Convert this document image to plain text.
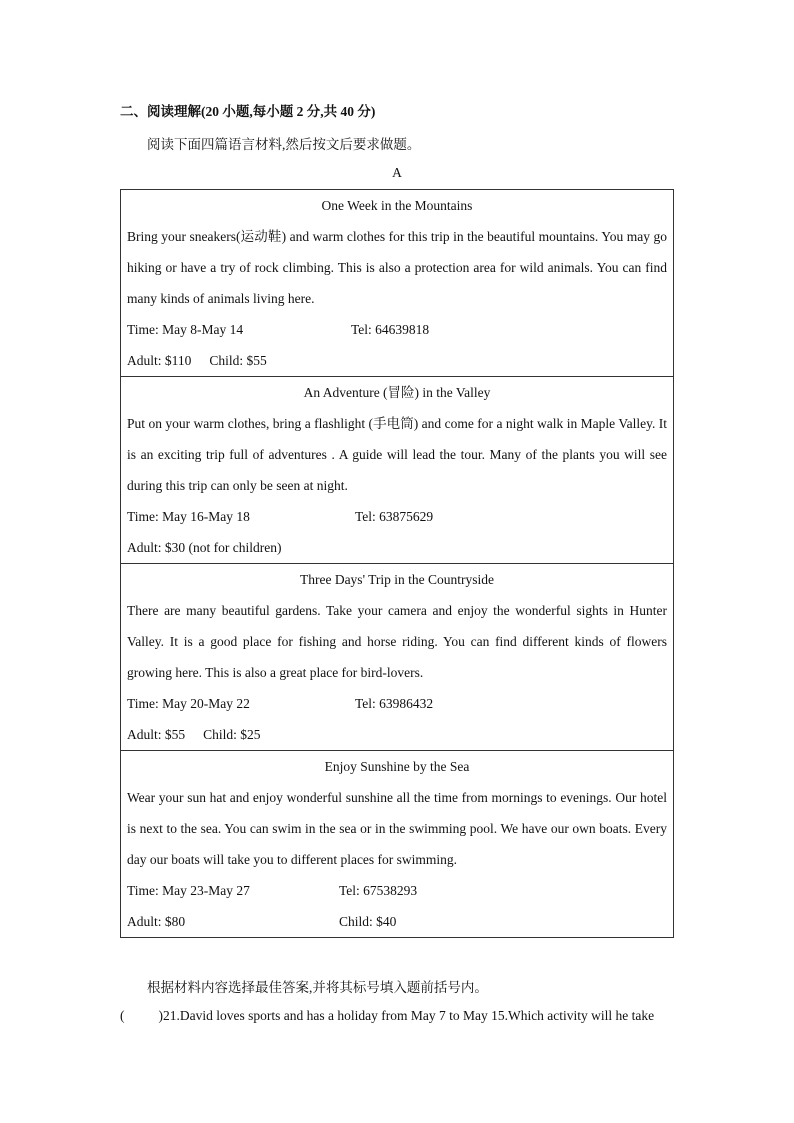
二、阅读理解(20 小题,每小题 2 分,共 40 分)
阅读下面四篇语言材料,然后按文后要求做题。
A
One Week in the Mountains
Bring your sneakers(运动鞋) and warm clothes for this trip in the beautiful mountains. You may go hiking or have a try of rock climbing. This is also a protection area for wild animals. You can find many kinds of animals living here.
Time: May 8-May 14	Tel: 64639818
Adult: $110 Child: $55

An Adventure (冒险) in the Valley
Put on your warm clothes, bring a flashlight (手电筒) and come for a night walk in Maple Valley. It is an exciting trip full of adventures . A guide will lead the tour. Many of the plants you will see during this trip can only be seen at night.
Time: May 16-May 18	Tel: 63875629
Adult: $30 (not for children)

Three Days' Trip in the Countryside
There are many beautiful gardens. Take your camera and enjoy the wonderful sights in Hunter Valley. It is a good place for fishing and horse riding. You can find different kinds of flowers growing here. This is also a great place for bird-lovers.
Time: May 20-May 22	Tel: 63986432
Adult: $55 Child: $25

Enjoy Sunshine by the Sea
Wear your sun hat and enjoy wonderful sunshine all the time from mornings to evenings. Our hotel is next to the sea. You can swim in the sea or in the swimming pool. We have our own boats. Every day our boats will take you to different places for swimming.
Time: May 23-May 27	Tel: 67538293
Adult: $80	Child: $40
根据材料内容选择最佳答案,并将其标号填入题前括号内。
(	)21.David loves sports and has a holiday from May 7 to May 15.Which activity will he take
